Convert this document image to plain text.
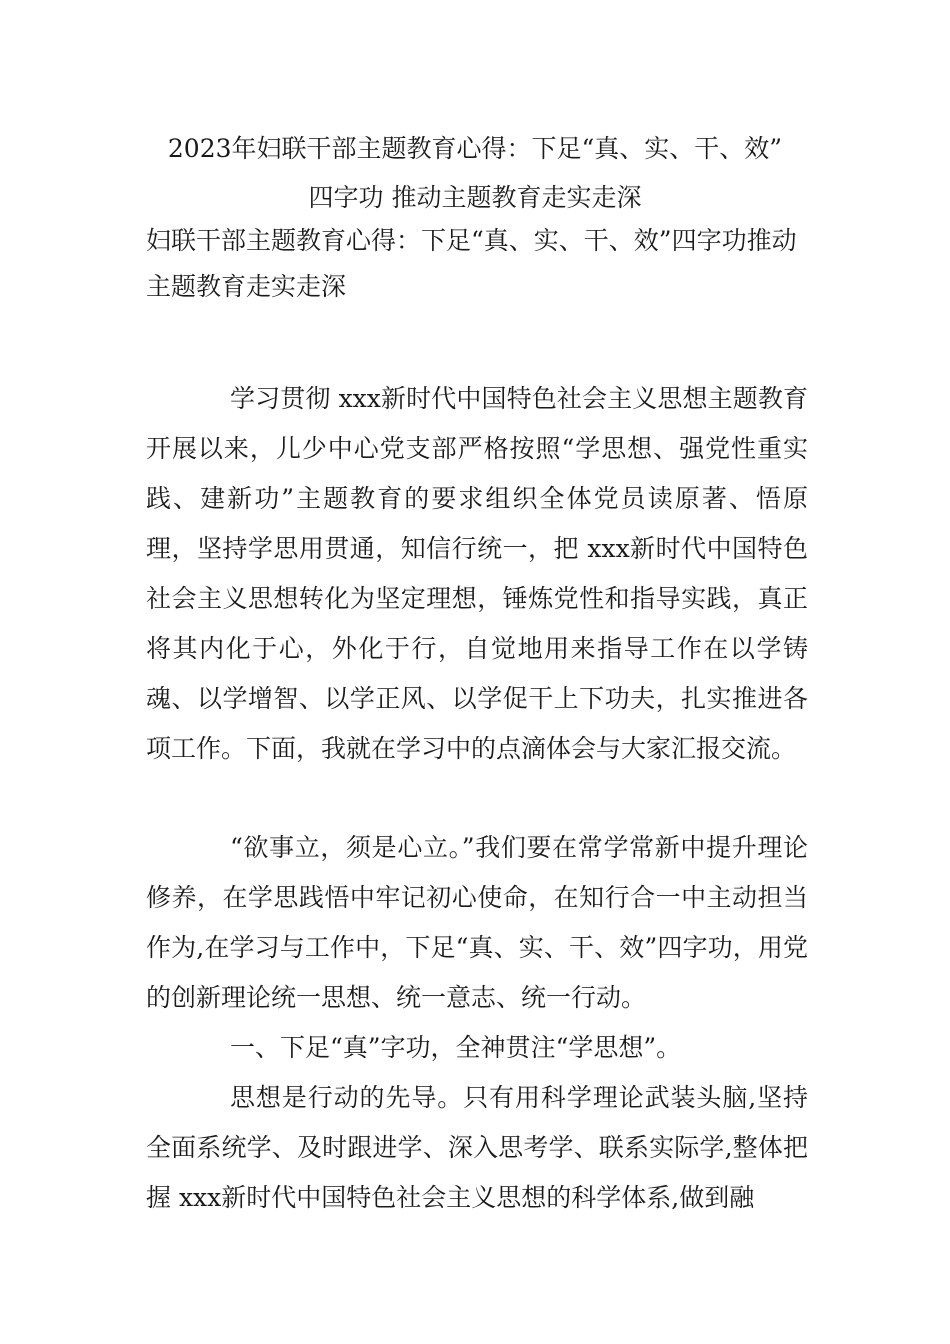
2023年妇联干部主题教育心得：下足“真、实、干、效”
四字功 推动主题教育走实走深

妇联干部主题教育心得：下足“真、实、干、效”四字功推动主题教育走实走深

学习贯彻 xxx新时代中国特色社会主义思想主题教育开展以来，儿少中心党支部严格按照“学思想、强党性重实践、建新功”主题教育的要求组织全体党员读原著、悟原理，坚持学思用贯通，知信行统一，把 xxx新时代中国特色社会主义思想转化为坚定理想，锤炼党性和指导实践，真正将其内化于心，外化于行，自觉地用来指导工作在以学铸魂、以学增智、以学正风、以学促干上下功夫，扎实推进各项工作。下面，我就在学习中的点滴体会与大家汇报交流。

“欲事立，须是心立。”我们要在常学常新中提升理论修养，在学思践悟中牢记初心使命，在知行合一中主动担当作为,在学习与工作中，下足“真、实、干、效”四字功，用党的创新理论统一思想、统一意志、统一行动。

一、下足“真”字功，全神贯注“学思想”。

思想是行动的先导。只有用科学理论武装头脑,坚持全面系统学、及时跟进学、深入思考学、联系实际学,整体把握 xxx新时代中国特色社会主义思想的科学体系,做到融
